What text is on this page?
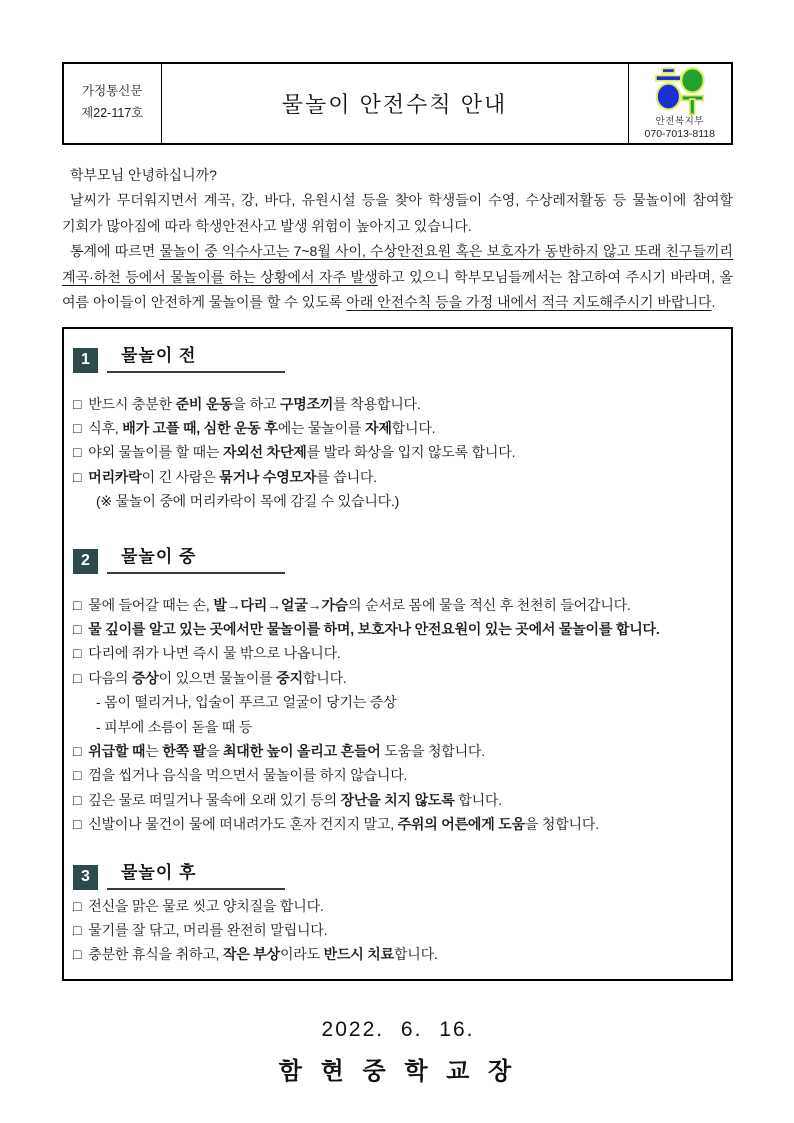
가정통신문
제22-117호	물놀이 안전수칙 안내	
안전복지부
070-7013-8118

학부모님 안녕하십니까?

날씨가 무더워지면서 계곡, 강, 바다, 유원시설 등을 찾아 학생들이 수영, 수상레저활동 등 물놀이에 참여할 기회가 많아짐에 따라 학생안전사고 발생 위험이 높아지고 있습니다.

통계에 따르면 물놀이 중 익수사고는 7~8월 사이, 수상안전요원 혹은 보호자가 동반하지 않고 또래 친구들끼리 계곡·하천 등에서 물놀이를 하는 상황에서 자주 발생하고 있으니 학부모님들께서는 참고하여 주시기 바라며, 올 여름 아이들이 안전하게 물놀이를 할 수 있도록 아래 안전수칙 등을 가정 내에서 적극 지도해주시기 바랍니다.

1	물놀이 전
□ 반드시 충분한 준비 운동을 하고 구명조끼를 착용합니다.
□ 식후, 배가 고플 때, 심한 운동 후에는 물놀이를 자제합니다.
□ 야외 물놀이를 할 때는 자외선 차단제를 발라 화상을 입지 않도록 합니다.
□ 머리카락이 긴 사람은 묶거나 수영모자를 씁니다.
(※ 물놀이 중에 머리카락이 목에 감길 수 있습니다.)
2	물놀이 중
□ 물에 들어갈 때는 손, 발→다리→얼굴→가슴의 순서로 몸에 물을 적신 후 천천히 들어갑니다.
□ 물 깊이를 알고 있는 곳에서만 물놀이를 하며, 보호자나 안전요원이 있는 곳에서 물놀이를 합니다.
□ 다리에 쥐가 나면 즉시 물 밖으로 나옵니다.
□ 다음의 증상이 있으면 물놀이를 중지합니다.
- 몸이 떨리거나, 입술이 푸르고 얼굴이 당기는 증상
- 피부에 소름이 돋을 때 등
□ 위급할 때는 한쪽 팔을 최대한 높이 올리고 흔들어 도움을 청합니다.
□ 껌을 씹거나 음식을 먹으면서 물놀이를 하지 않습니다.
□ 깊은 물로 떠밀거나 물속에 오래 있기 등의 장난을 치지 않도록 합니다.
□ 신발이나 물건이 물에 떠내려가도 혼자 건지지 말고, 주위의 어른에게 도움을 청합니다.
3	물놀이 후
□ 전신을 맑은 물로 씻고 양치질을 합니다.
□ 물기를 잘 닦고, 머리를 완전히 말립니다.
□ 충분한 휴식을 취하고, 작은 부상이라도 반드시 치료합니다.
2022. 6. 16.
함 현 중 학 교 장
